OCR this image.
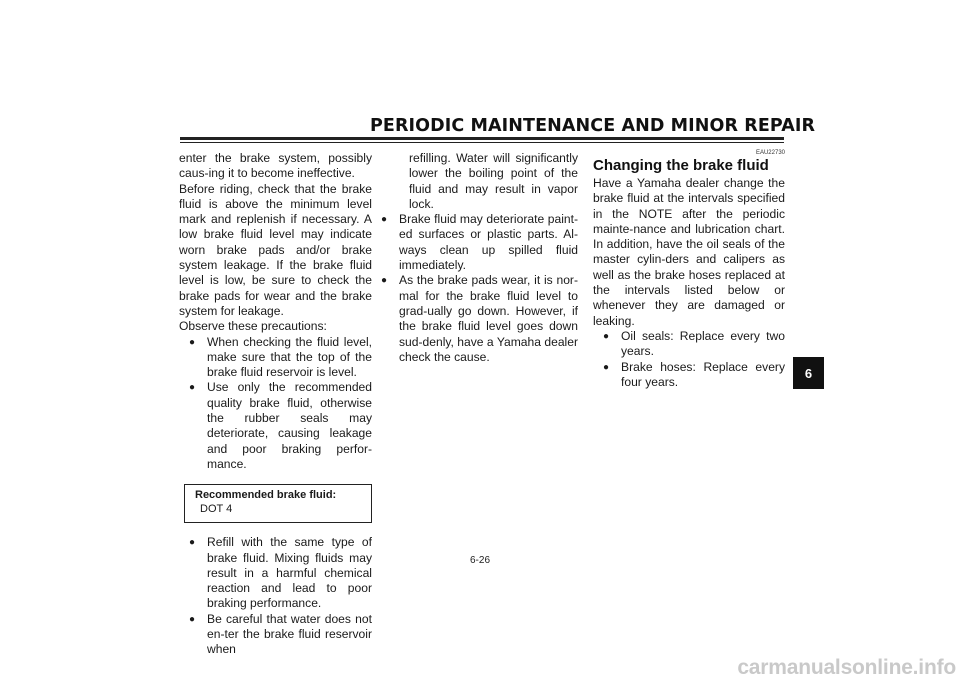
PERIODIC MAINTENANCE AND MINOR REPAIR

enter the brake system, possibly caus-ing it to become ineffective.

Before riding, check that the brake fluid is above the minimum level mark and replenish if necessary. A low brake fluid level may indicate worn brake pads and/or brake system leakage. If the brake fluid level is low, be sure to check the brake pads for wear and the brake system for leakage.

Observe these precautions:

● When checking the fluid level, make sure that the top of the brake fluid reservoir is level.
● Use only the recommended quality brake fluid, otherwise the rubber seals may deteriorate, causing leakage and poor braking perfor-mance.
Recommended brake fluid:
DOT 4
● Refill with the same type of brake fluid. Mixing fluids may result in a harmful chemical reaction and lead to poor braking performance.
● Be careful that water does not en-ter the brake fluid reservoir when
refilling. Water will significantly lower the boiling point of the fluid and may result in vapor lock.
● Brake fluid may deteriorate paint-ed surfaces or plastic parts. Al-ways clean up spilled fluid immediately.
● As the brake pads wear, it is nor-mal for the brake fluid level to grad-ually go down. However, if the brake fluid level goes down sud-denly, have a Yamaha dealer check the cause.
EAU22730
Changing the brake fluid

Have a Yamaha dealer change the brake fluid at the intervals specified in the NOTE after the periodic mainte-nance and lubrication chart. In addition, have the oil seals of the master cylin-ders and calipers as well as the brake hoses replaced at the intervals listed below or whenever they are damaged or leaking.

● Oil seals: Replace every two years.
● Brake hoses: Replace every four years.
6
6-26
carmanualsonline.info
